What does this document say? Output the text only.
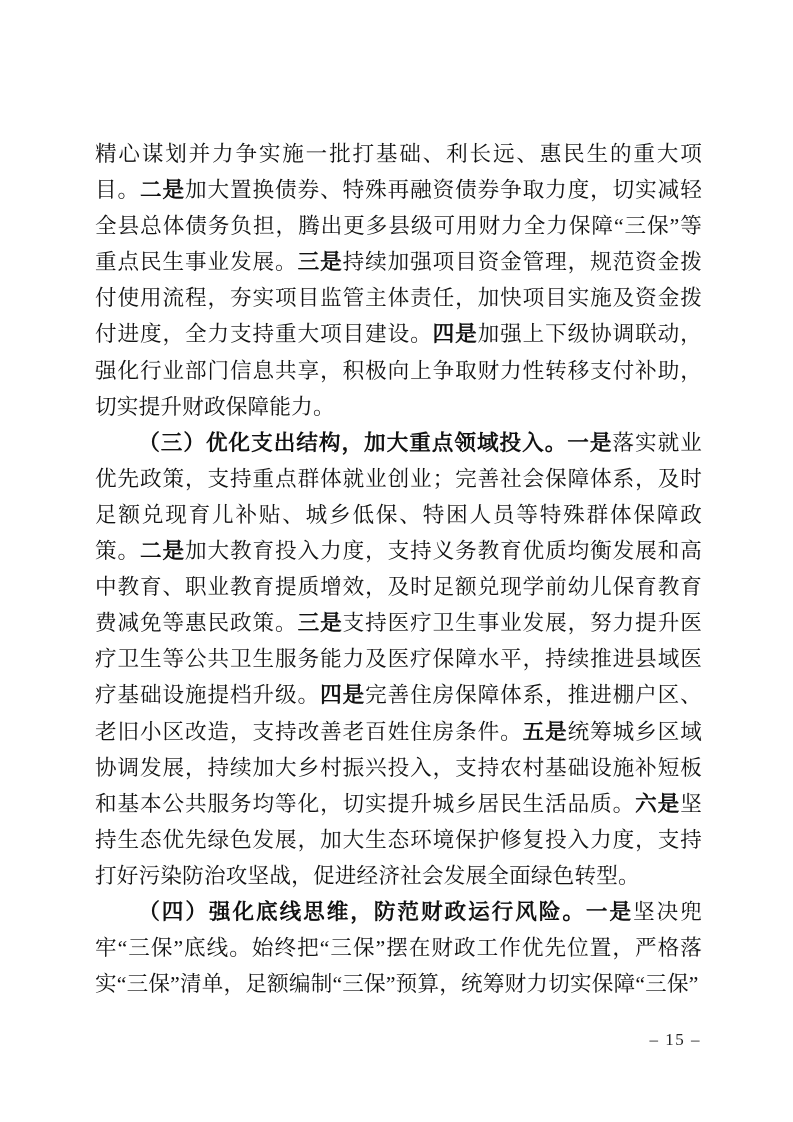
精心谋划并力争实施一批打基础、利长远、惠民生的重大项目。二是加大置换债券、特殊再融资债券争取力度，切实减轻全县总体债务负担，腾出更多县级可用财力全力保障“三保”等重点民生事业发展。三是持续加强项目资金管理，规范资金拨付使用流程，夯实项目监管主体责任，加快项目实施及资金拨付进度，全力支持重大项目建设。四是加强上下级协调联动，强化行业部门信息共享，积极向上争取财力性转移支付补助，切实提升财政保障能力。

（三）优化支出结构，加大重点领域投入。一是落实就业优先政策，支持重点群体就业创业；完善社会保障体系，及时足额兑现育儿补贴、城乡低保、特困人员等特殊群体保障政策。二是加大教育投入力度，支持义务教育优质均衡发展和高中教育、职业教育提质增效，及时足额兑现学前幼儿保育教育费减免等惠民政策。三是支持医疗卫生事业发展，努力提升医疗卫生等公共卫生服务能力及医疗保障水平，持续推进县域医疗基础设施提档升级。四是完善住房保障体系，推进棚户区、老旧小区改造，支持改善老百姓住房条件。五是统筹城乡区域协调发展，持续加大乡村振兴投入，支持农村基础设施补短板和基本公共服务均等化，切实提升城乡居民生活品质。六是坚持生态优先绿色发展，加大生态环境保护修复投入力度，支持打好污染防治攻坚战，促进经济社会发展全面绿色转型。

（四）强化底线思维，防范财政运行风险。一是坚决兜牢“三保”底线。始终把“三保”摆在财政工作优先位置，严格落实“三保”清单，足额编制“三保”预算，统筹财力切实保障“三保”

– 15 –
